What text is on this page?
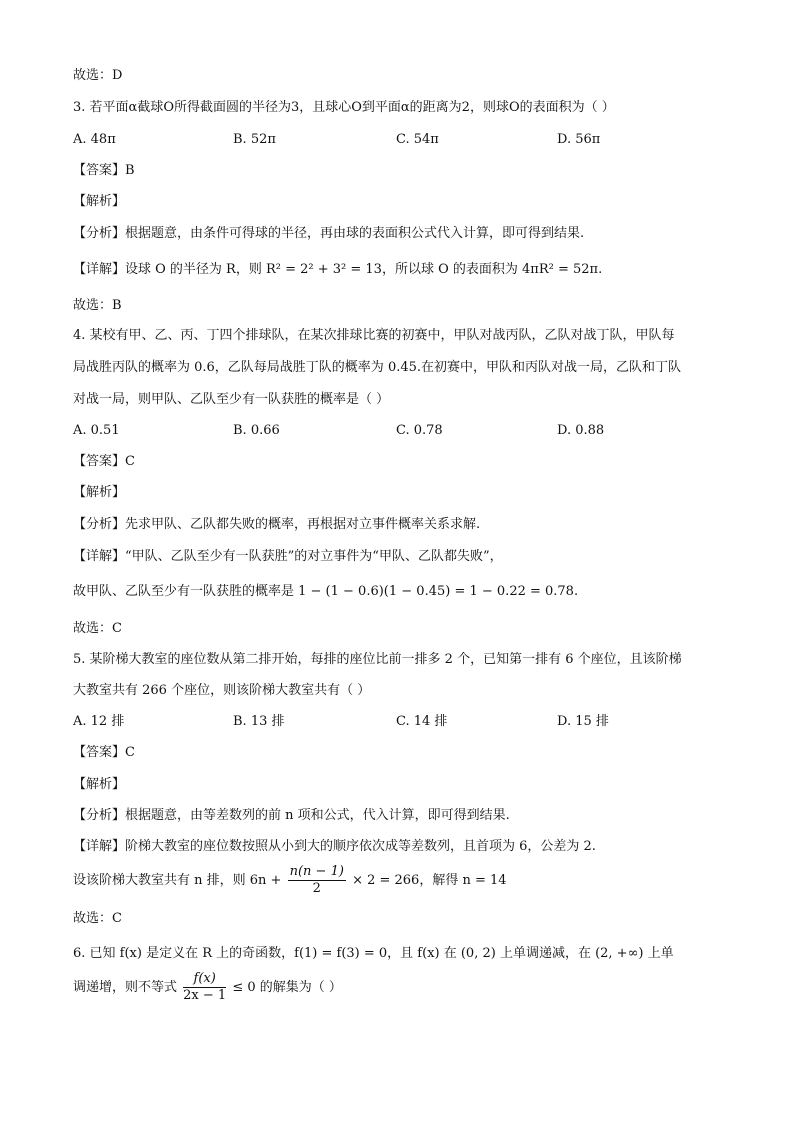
故选：D
3. 若平面α截球O所得截面圆的半径为3，且球心O到平面α的距离为2，则球O的表面积为（ ）
A. 48π	B. 52π	C. 54π	D. 56π
【答案】B
【解析】
【分析】根据题意，由条件可得球的半径，再由球的表面积公式代入计算，即可得到结果.
【详解】设球 O 的半径为 R，则 R² = 2² + 3² = 13，所以球 O 的表面积为 4πR² = 52π.
故选：B
4. 某校有甲、乙、丙、丁四个排球队，在某次排球比赛的初赛中，甲队对战丙队，乙队对战丁队，甲队每
局战胜丙队的概率为 0.6，乙队每局战胜丁队的概率为 0.45.在初赛中，甲队和丙队对战一局，乙队和丁队
对战一局，则甲队、乙队至少有一队获胜的概率是（ ）
A. 0.51	B. 0.66	C. 0.78	D. 0.88
【答案】C
【解析】
【分析】先求甲队、乙队都失败的概率，再根据对立事件概率关系求解.
【详解】“甲队、乙队至少有一队获胜”的对立事件为“甲队、乙队都失败”，
故甲队、乙队至少有一队获胜的概率是 1 − (1 − 0.6)(1 − 0.45) = 1 − 0.22 = 0.78.
故选：C
5. 某阶梯大教室的座位数从第二排开始，每排的座位比前一排多 2 个，已知第一排有 6 个座位，且该阶梯
大教室共有 266 个座位，则该阶梯大教室共有（ ）
A. 12 排	B. 13 排	C. 14 排	D. 15 排
【答案】C
【解析】
【分析】根据题意，由等差数列的前 n 项和公式，代入计算，即可得到结果.
【详解】阶梯大教室的座位数按照从小到大的顺序依次成等差数列，且首项为 6，公差为 2.
设该阶梯大教室共有 n 排，则 $6n + \frac{n(n - 1)}{2} \times 2 = 266$，解得 n = 14
故选：C
6. 已知 f(x) 是定义在 R 上的奇函数，f(1) = f(3) = 0，且 f(x) 在 (0, 2) 上单调递减，在 (2, +∞) 上单
调递增，则不等式 $\frac{f(x)}{2x - 1} \le 0$ 的解集为（ ）
